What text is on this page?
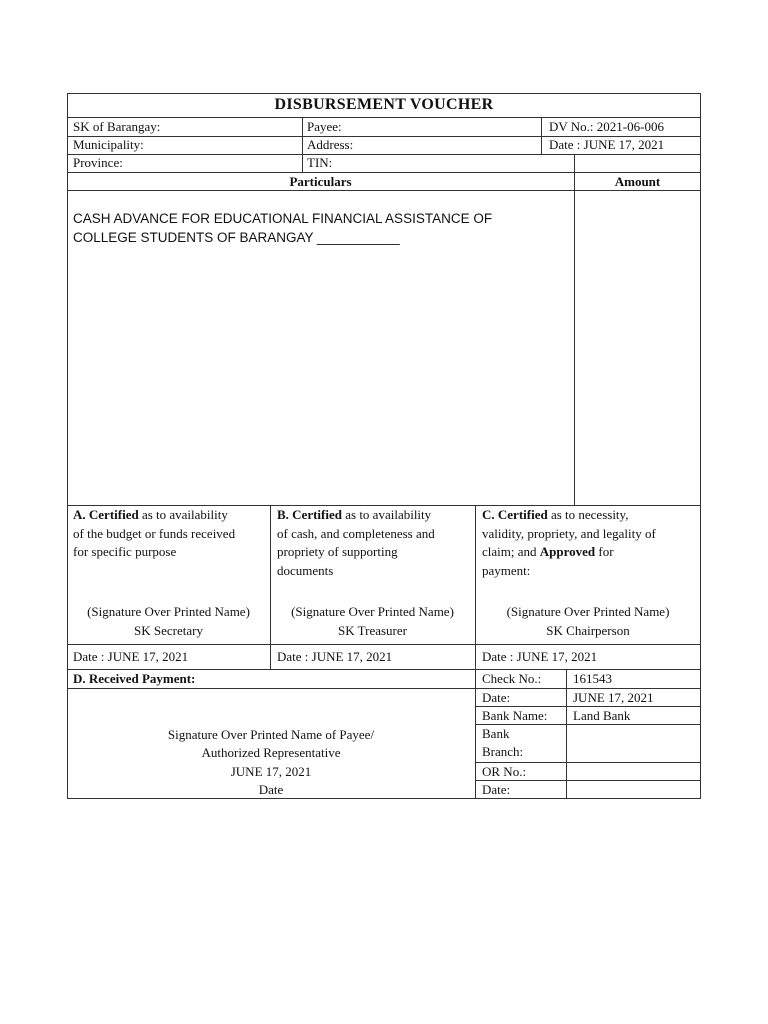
DISBURSEMENT VOUCHER
SK of Barangay:	Payee:	DV No.: 2021-06-006
Municipality:	Address:	Date : JUNE 17, 2021
Province:	TIN:
Particulars	Amount
CASH ADVANCE FOR EDUCATIONAL FINANCIAL ASSISTANCE OF
COLLEGE STUDENTS OF BARANGAY ___________
A. Certified as to availability
of the budget or funds received
for specific purpose
(Signature Over Printed Name)
SK Secretary
Date : JUNE 17, 2021
B. Certified as to availability
of cash, and completeness and
propriety of supporting
documents
(Signature Over Printed Name)
SK Treasurer
Date : JUNE 17, 2021
C. Certified as to necessity,
validity, propriety, and legality of
claim; and Approved for
payment:
(Signature Over Printed Name)
SK Chairperson
Date : JUNE 17, 2021
D. Received Payment:
Signature Over Printed Name of Payee/
Authorized Representative
JUNE 17, 2021
Date
Check No.: 161543
Date:	JUNE 17, 2021
Bank Name: Land Bank
Bank
Branch:
OR No.:
Date:
